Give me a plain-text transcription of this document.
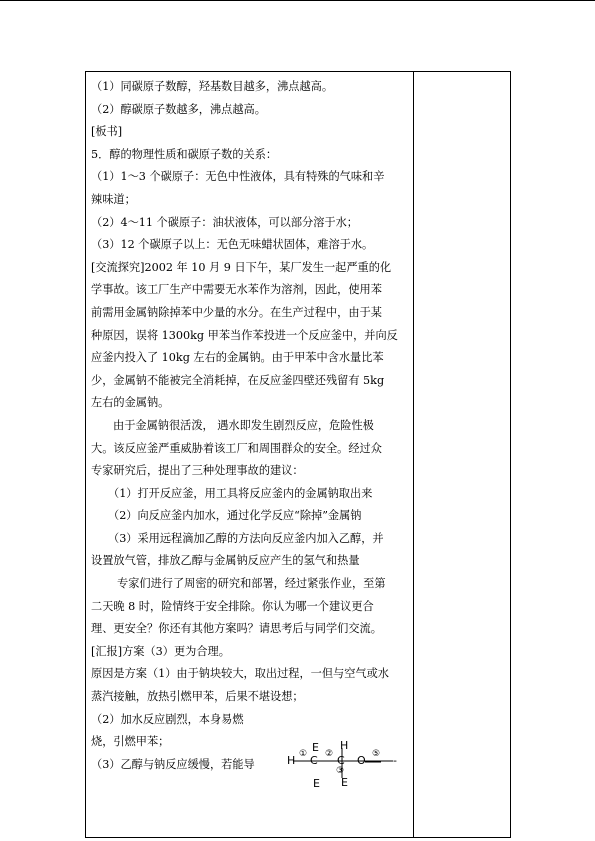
（1）同碳原子数醇，羟基数目越多，沸点越高。
（2）醇碳原子数越多，沸点越高。
[板书]
5．醇的物理性质和碳原子数的关系：
（1）1～3 个碳原子：无色中性液体，具有特殊的气味和辛
辣味道；
（2）4～11 个碳原子：油状液体，可以部分溶于水；
（3）12 个碳原子以上：无色无味蜡状固体，难溶于水。
[交流探究]2002 年 10 月 9 日下午，某厂发生一起严重的化
学事故。该工厂生产中需要无水苯作为溶剂，因此，使用苯
前需用金属钠除掉苯中少量的水分。在生产过程中，由于某
种原因，误将 1300kg 甲苯当作苯投进一个反应釜中，并向反
应釜内投入了 10kg 左右的金属钠。由于甲苯中含水量比苯
少，金属钠不能被完全消耗掉，在反应釜四壁还残留有 5kg
左右的金属钠。
由于金属钠很活泼， 遇水即发生剧烈反应，危险性极
大。该反应釜严重威胁着该工厂和周围群众的安全。经过众
专家研究后，提出了三种处理事故的建议：
（1）打开反应釜，用工具将反应釜内的金属钠取出来
（2）向反应釜内加水，通过化学反应“除掉”金属钠
（3）采用远程滴加乙醇的方法向反应釜内加入乙醇，并
设置放气管，排放乙醇与金属钠反应产生的氢气和热量
专家们进行了周密的研究和部署，经过紧张作业，至第
二天晚 8 时，险情终于安全排除。你认为哪一个建议更合
理、更安全？你还有其他方案吗？请思考后与同学们交流。
[汇报]方案（3）更为合理。
原因是方案（1）由于钠块较大，取出过程，一但与空气或水
蒸汽接触，放热引燃甲苯，后果不堪设想；
（2）加水反应剧烈，本身易燃
烧，引燃甲苯；
（3）乙醇与钠反应缓慢，若能导	H ① C
E ② C
H
③
O ⑤ -
E E
